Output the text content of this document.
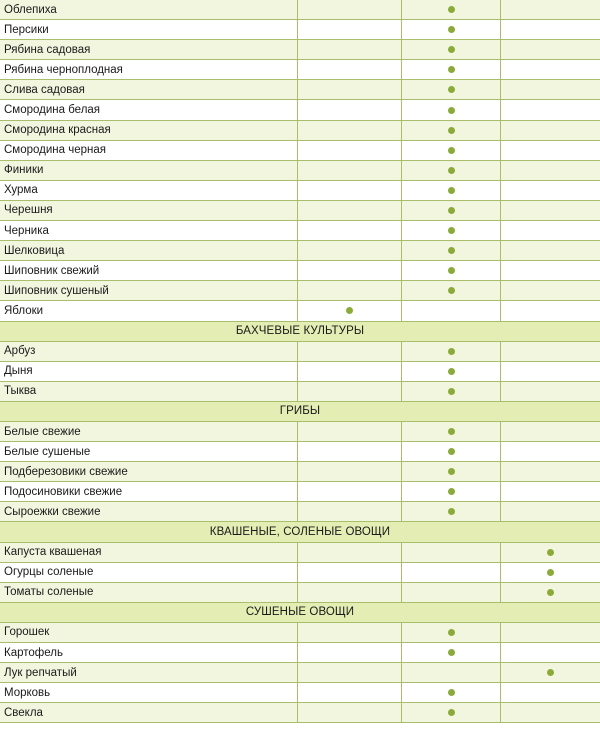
Облепиха
Персики
Рябина садовая
Рябина черноплодная
Слива садовая
Смородина белая
Смородина красная
Смородина черная
Финики
Хурма
Черешня
Черника
Шелковица
Шиповник свежий
Шиповник сушеный
Яблоки
БАХЧЕВЫЕ КУЛЬТУРЫ
Арбуз
Дыня
Тыква
ГРИБЫ
Белые свежие
Белые сушеные
Подберезовики свежие
Подосиновики свежие
Сыроежки свежие
КВАШЕНЫЕ, СОЛЕНЫЕ ОВОЩИ
Капуста квашеная
Огурцы соленые
Томаты соленые
СУШЕНЫЕ ОВОЩИ
Горошек
Картофель
Лук репчатый
Морковь
Свекла
